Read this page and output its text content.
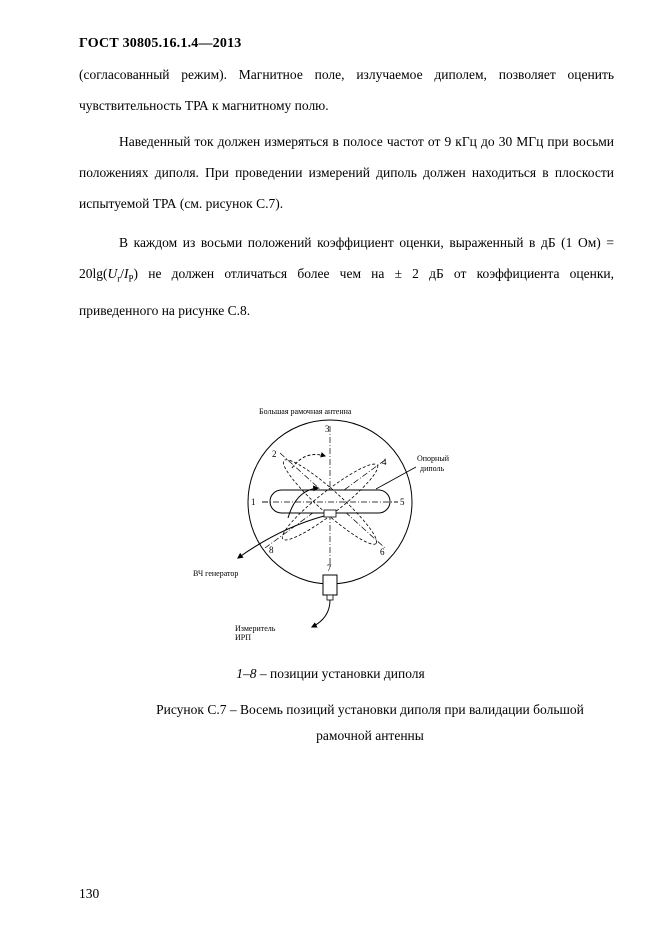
ГОСТ 30805.16.1.4—2013
(согласованный режим). Магнитное поле, излучаемое диполем, позволяет оценить чувствительность ТРА к магнитному полю.
Наведенный ток должен измеряться в полосе частот от 9 кГц до 30 МГц при восьми положениях диполя. При проведении измерений диполь должен находиться в плоскости испытуемой ТРА (см. рисунок С.7).
В каждом из восьми положений коэффициент оценки, выраженный в дБ (1 $Ом) = 20\lg(U_r/I_P)$ не должен отличаться более чем на ± 2 дБ от коэффициента оценки, приведенного на рисунке С.8.
Большая рамочная антенна
Опорный
диполь
ВЧ генератор
Измеритель
ИРП
1
2
3
4
5
6
7
8
1–8 – позиции установки диполя
Рисунок С.7 – Восемь позиций установки диполя при валидации большой
рамочной антенны
130
